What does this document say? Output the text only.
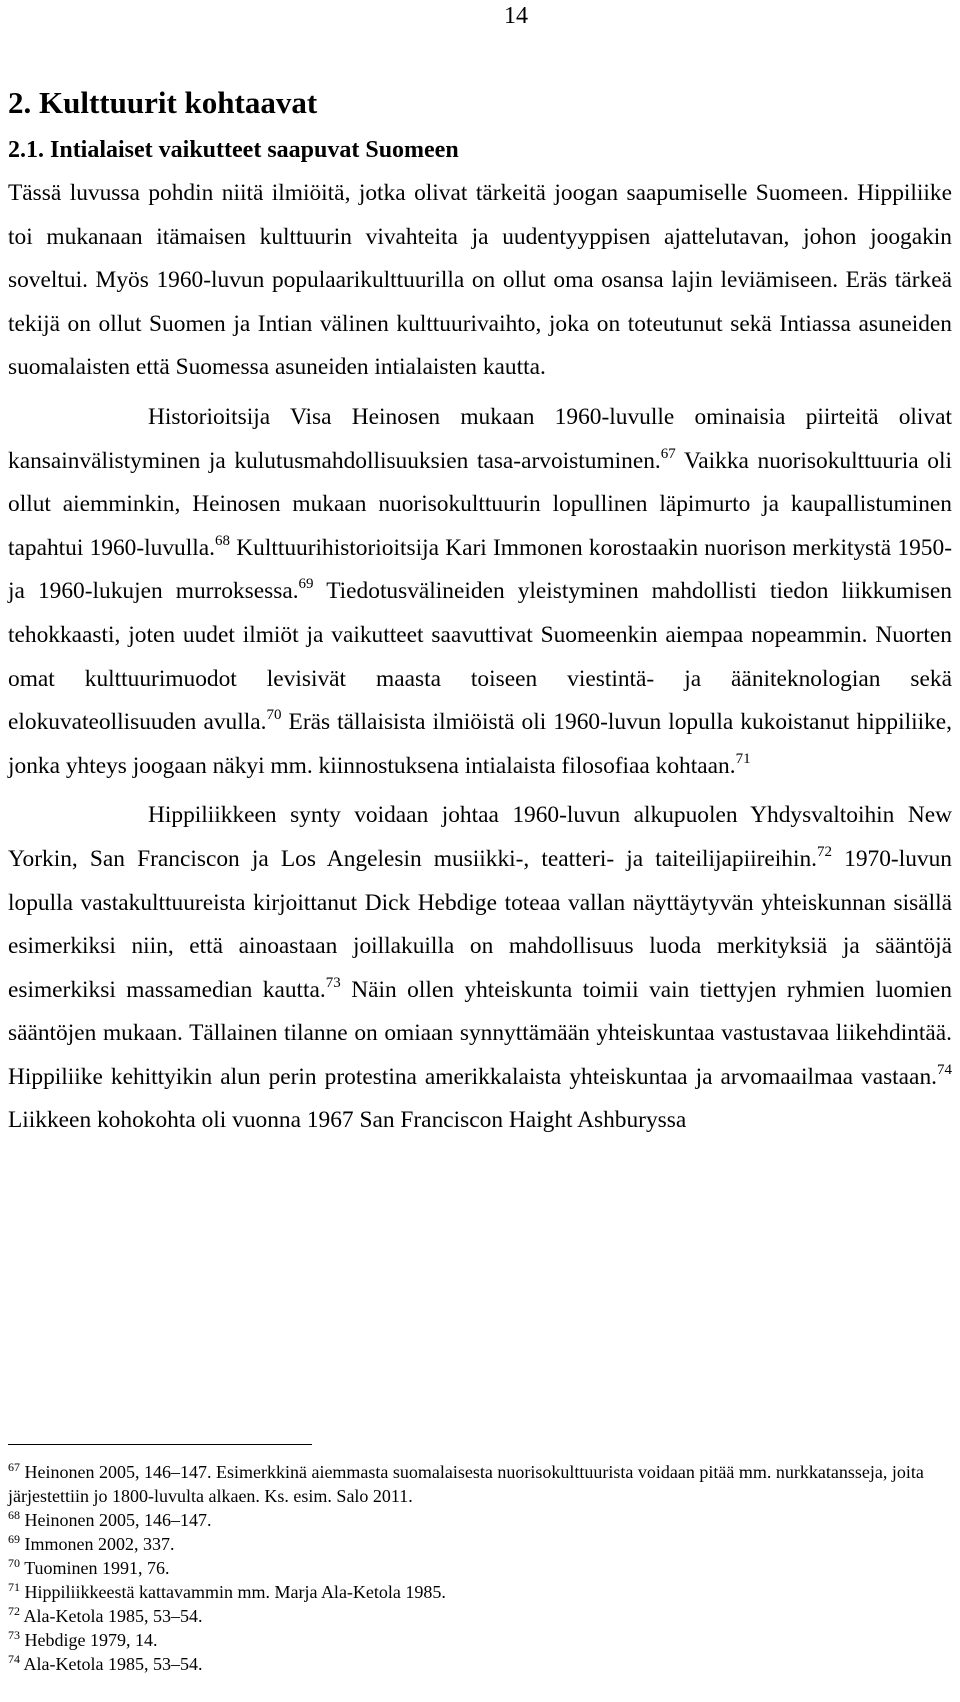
14
2. Kulttuurit kohtaavat
2.1. Intialaiset vaikutteet saapuvat Suomeen

Tässä luvussa pohdin niitä ilmiöitä, jotka olivat tärkeitä joogan saapumiselle Suomeen. Hippiliike toi mukanaan itämaisen kulttuurin vivahteita ja uudentyyppisen ajattelutavan, johon joogakin soveltui. Myös 1960-luvun populaarikulttuurilla on ollut oma osansa lajin leviämiseen. Eräs tärkeä tekijä on ollut Suomen ja Intian välinen kulttuurivaihto, joka on toteutunut sekä Intiassa asuneiden suomalaisten että Suomessa asuneiden intialaisten kautta.

Historioitsija Visa Heinosen mukaan 1960-luvulle ominaisia piirteitä olivat kansainvälistyminen ja kulutusmahdollisuuksien tasa-arvoistuminen.$^{67}$ Vaikka nuorisokulttuuria oli ollut aiemminkin, Heinosen mukaan nuorisokulttuurin lopullinen läpimurto ja kaupallistuminen tapahtui 1960-luvulla.$^{68}$ Kulttuurihistorioitsija Kari Immonen korostaakin nuorison merkitystä 1950- ja 1960-lukujen murroksessa.$^{69}$ Tiedotusvälineiden yleistyminen mahdollisti tiedon liikkumisen tehokkaasti, joten uudet ilmiöt ja vaikutteet saavuttivat Suomeenkin aiempaa nopeammin. Nuorten omat kulttuurimuodot levisivät maasta toiseen viestintä- ja ääniteknologian sekä elokuvateollisuuden avulla.$^{70}$ Eräs tällaisista ilmiöistä oli 1960-luvun lopulla kukoistanut hippiliike, jonka yhteys joogaan näkyi mm. kiinnostuksena intialaista filosofiaa kohtaan.$^{71}$

Hippiliikkeen synty voidaan johtaa 1960-luvun alkupuolen Yhdysvaltoihin New Yorkin, San Franciscon ja Los Angelesin musiikki-, teatteri- ja taiteilijapiireihin.$^{72}$ 1970-luvun lopulla vastakulttuureista kirjoittanut Dick Hebdige toteaa vallan näyttäytyvän yhteiskunnan sisällä esimerkiksi niin, että ainoastaan joillakuilla on mahdollisuus luoda merkityksiä ja sääntöjä esimerkiksi massamedian kautta.$^{73}$ Näin ollen yhteiskunta toimii vain tiettyjen ryhmien luomien sääntöjen mukaan. Tällainen tilanne on omiaan synnyttämään yhteiskuntaa vastustavaa liikehdintää. Hippiliike kehittyikin alun perin protestina amerikkalaista yhteiskuntaa ja arvomaailmaa vastaan.$^{74}$ Liikkeen kohokohta oli vuonna 1967 San Franciscon Haight Ashburyssa

$^{67}$ Heinonen 2005, 146–147. Esimerkkinä aiemmasta suomalaisesta nuorisokulttuurista voidaan pitää mm. nurkkatansseja, joita järjestettiin jo 1800-luvulta alkaen. Ks. esim. Salo 2011.
$^{68}$ Heinonen 2005, 146–147.
$^{69}$ Immonen 2002, 337.
$^{70}$ Tuominen 1991, 76.
$^{71}$ Hippiliikkeestä kattavammin mm. Marja Ala-Ketola 1985.
$^{72}$ Ala-Ketola 1985, 53–54.
$^{73}$ Hebdige 1979, 14.
$^{74}$ Ala-Ketola 1985, 53–54.
